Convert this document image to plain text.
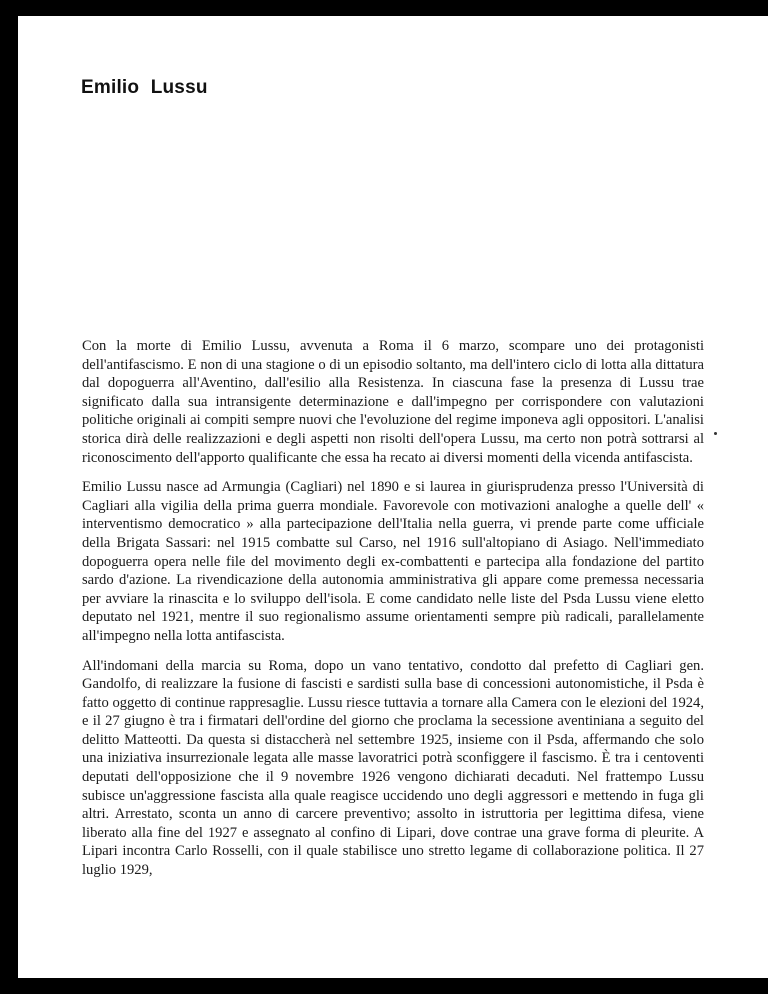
Emilio Lussu

Con la morte di Emilio Lussu, avvenuta a Roma il 6 marzo, scompare uno dei protagonisti dell'antifascismo. E non di una stagione o di un episodio soltanto, ma dell'intero ciclo di lotta alla dittatura dal dopoguerra all'Aventino, dall'esilio alla Resistenza. In ciascuna fase la presenza di Lussu trae significato dalla sua intransigente determinazione e dall'impegno per corrispondere con valutazioni politiche originali ai compiti sempre nuovi che l'evoluzione del regime imponeva agli oppositori. L'analisi storica dirà delle realizzazioni e degli aspetti non risolti dell'opera Lussu, ma certo non potrà sottrarsi al riconoscimento dell'apporto qualificante che essa ha recato ai diversi momenti della vicenda antifascista.

Emilio Lussu nasce ad Armungia (Cagliari) nel 1890 e si laurea in giurisprudenza presso l'Università di Cagliari alla vigilia della prima guerra mondiale. Favorevole con motivazioni analoghe a quelle dell' « interventismo democratico » alla partecipazione dell'Italia nella guerra, vi prende parte come ufficiale della Brigata Sassari: nel 1915 combatte sul Carso, nel 1916 sull'altopiano di Asiago. Nell'immediato dopoguerra opera nelle file del movimento degli ex-combattenti e partecipa alla fondazione del partito sardo d'azione. La rivendicazione della autonomia amministrativa gli appare come premessa necessaria per avviare la rinascita e lo sviluppo dell'isola. E come candidato nelle liste del Psda Lussu viene eletto deputato nel 1921, mentre il suo regionalismo assume orientamenti sempre più radicali, parallelamente all'impegno nella lotta antifascista.

All'indomani della marcia su Roma, dopo un vano tentativo, condotto dal prefetto di Cagliari gen. Gandolfo, di realizzare la fusione di fascisti e sardisti sulla base di concessioni autonomistiche, il Psda è fatto oggetto di continue rappresaglie. Lussu riesce tuttavia a tornare alla Camera con le elezioni del 1924, e il 27 giugno è tra i firmatari dell'ordine del giorno che proclama la secessione aventiniana a seguito del delitto Matteotti. Da questa si distaccherà nel settembre 1925, insieme con il Psda, affermando che solo una iniziativa insurrezionale legata alle masse lavoratrici potrà sconfiggere il fascismo. È tra i centoventi deputati dell'opposizione che il 9 novembre 1926 vengono dichiarati decaduti. Nel frattempo Lussu subisce un'aggressione fascista alla quale reagisce uccidendo uno degli aggressori e mettendo in fuga gli altri. Arrestato, sconta un anno di carcere preventivo; assolto in istruttoria per legittima difesa, viene liberato alla fine del 1927 e assegnato al confino di Lipari, dove contrae una grave forma di pleurite. A Lipari incontra Carlo Rosselli, con il quale stabilisce uno stretto legame di collaborazione politica. Il 27 luglio 1929,
